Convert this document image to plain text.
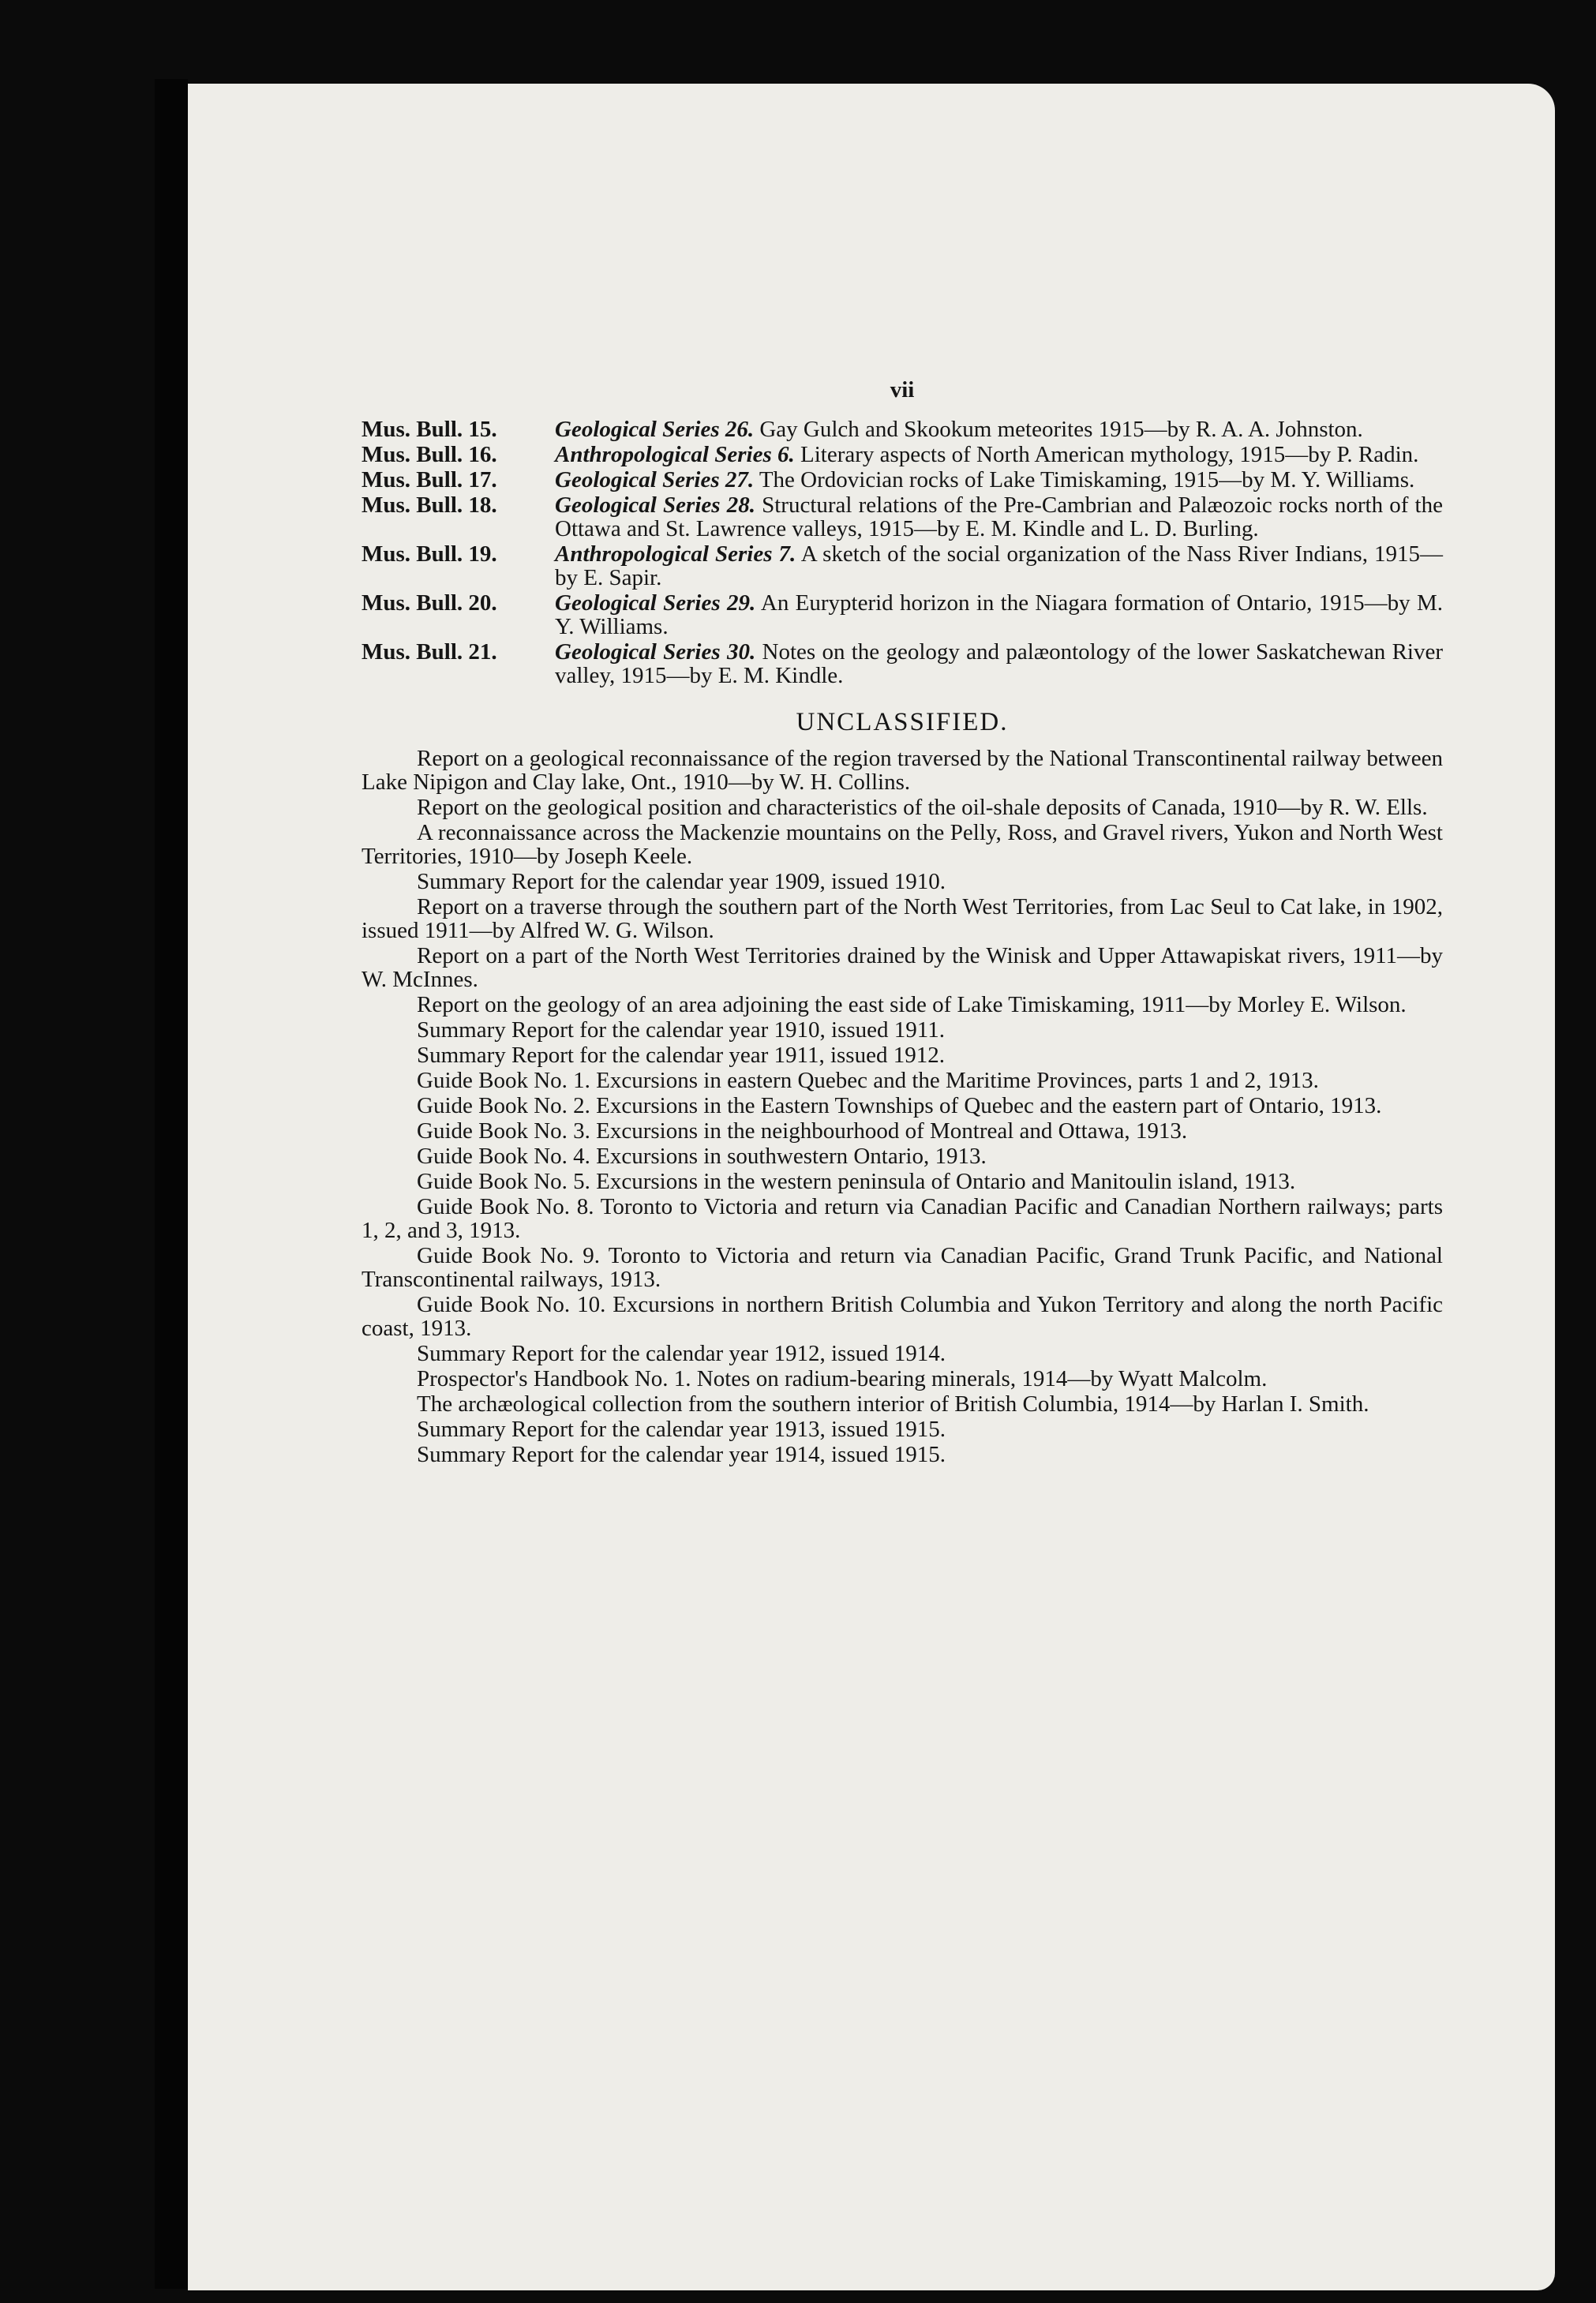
vii
Mus. Bull. 15.	Geological Series 26. Gay Gulch and Skookum meteorites 1915—by R. A. A. Johnston.
Mus. Bull. 16.	Anthropological Series 6. Literary aspects of North American mythology, 1915—by P. Radin.
Mus. Bull. 17.	Geological Series 27. The Ordovician rocks of Lake Timiskaming, 1915—by M. Y. Williams.
Mus. Bull. 18.	Geological Series 28. Structural relations of the Pre-Cambrian and Palæozoic rocks north of the Ottawa and St. Lawrence valleys, 1915—by E. M. Kindle and L. D. Burling.
Mus. Bull. 19.	Anthropological Series 7. A sketch of the social organization of the Nass River Indians, 1915—by E. Sapir.
Mus. Bull. 20.	Geological Series 29. An Eurypterid horizon in the Niagara formation of Ontario, 1915—by M. Y. Williams.
Mus. Bull. 21.	Geological Series 30. Notes on the geology and palæontology of the lower Saskatchewan River valley, 1915—by E. M. Kindle.
UNCLASSIFIED.

Report on a geological reconnaissance of the region traversed by the National Transcontinental railway between Lake Nipigon and Clay lake, Ont., 1910—by W. H. Collins.

Report on the geological position and characteristics of the oil-shale deposits of Canada, 1910—by R. W. Ells.

A reconnaissance across the Mackenzie mountains on the Pelly, Ross, and Gravel rivers, Yukon and North West Territories, 1910—by Joseph Keele.

Summary Report for the calendar year 1909, issued 1910.

Report on a traverse through the southern part of the North West Territories, from Lac Seul to Cat lake, in 1902, issued 1911—by Alfred W. G. Wilson.

Report on a part of the North West Territories drained by the Winisk and Upper Attawapiskat rivers, 1911—by W. McInnes.

Report on the geology of an area adjoining the east side of Lake Timiskaming, 1911—by Morley E. Wilson.

Summary Report for the calendar year 1910, issued 1911.

Summary Report for the calendar year 1911, issued 1912.

Guide Book No. 1. Excursions in eastern Quebec and the Maritime Provinces, parts 1 and 2, 1913.

Guide Book No. 2. Excursions in the Eastern Townships of Quebec and the eastern part of Ontario, 1913.

Guide Book No. 3. Excursions in the neighbourhood of Montreal and Ottawa, 1913.

Guide Book No. 4. Excursions in southwestern Ontario, 1913.

Guide Book No. 5. Excursions in the western peninsula of Ontario and Manitoulin island, 1913.

Guide Book No. 8. Toronto to Victoria and return via Canadian Pacific and Canadian Northern railways; parts 1, 2, and 3, 1913.

Guide Book No. 9. Toronto to Victoria and return via Canadian Pacific, Grand Trunk Pacific, and National Transcontinental railways, 1913.

Guide Book No. 10. Excursions in northern British Columbia and Yukon Territory and along the north Pacific coast, 1913.

Summary Report for the calendar year 1912, issued 1914.

Prospector's Handbook No. 1. Notes on radium-bearing minerals, 1914—by Wyatt Malcolm.

The archæological collection from the southern interior of British Columbia, 1914—by Harlan I. Smith.

Summary Report for the calendar year 1913, issued 1915.

Summary Report for the calendar year 1914, issued 1915.
